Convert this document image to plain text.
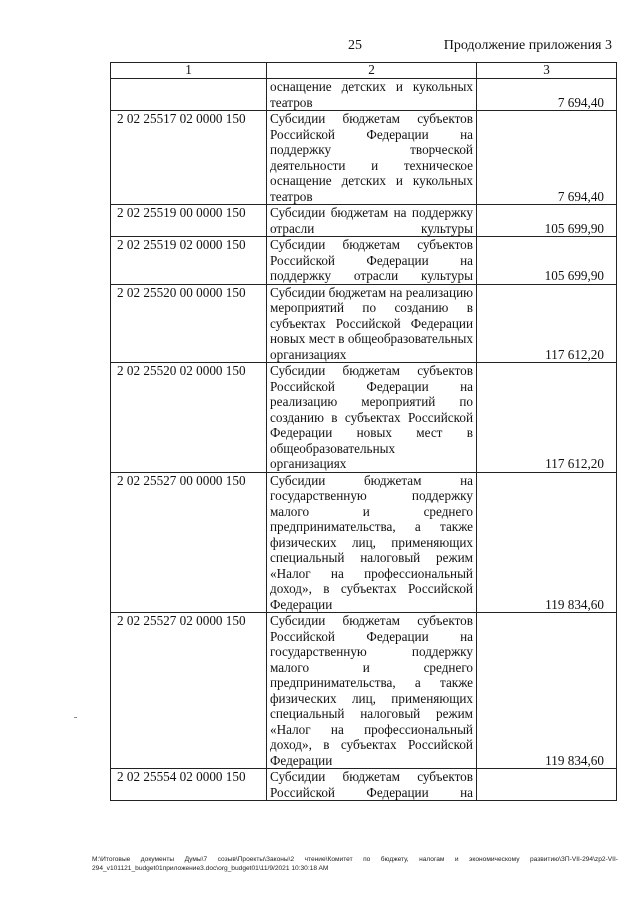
25	Продолжение приложения 3
1	2	3
	оснащение детских и кукольных театров	7 694,40
2 02 25517 02 0000 150	Субсидии бюджетам субъектов Российской Федерации на поддержку творческой деятельности и техническое оснащение детских и кукольных театров	7 694,40
2 02 25519 00 0000 150	Субсидии бюджетам на поддержку отрасли культуры	105 699,90
2 02 25519 02 0000 150	Субсидии бюджетам субъектов Российской Федерации на поддержку отрасли культуры	105 699,90
2 02 25520 00 0000 150	Субсидии бюджетам на реализацию мероприятий по созданию в субъектах Российской Федерации новых мест в общеобразовательных организациях	117 612,20
2 02 25520 02 0000 150	Субсидии бюджетам субъектов Российской Федерации на реализацию мероприятий по созданию в субъектах Российской Федерации новых мест в общеобразовательных организациях	117 612,20
2 02 25527 00 0000 150	Субсидии бюджетам на государственную поддержку малого и среднего предпринимательства, а также физических лиц, применяющих специальный налоговый режим «Налог на профессиональный доход», в субъектах Российской Федерации	119 834,60
2 02 25527 02 0000 150	Субсидии бюджетам субъектов Российской Федерации на государственную поддержку малого и среднего предпринимательства, а также физических лиц, применяющих специальный налоговый режим «Налог на профессиональный доход», в субъектах Российской Федерации	119 834,60
2 02 25554 02 0000 150	Субсидии бюджетам субъектов Российской Федерации на	
M:\Итоговые документы Думы\7 созыв\Проекты\Законы\2 чтение\Комитет по бюджету, налогам и экономическому развитию\ЗП-VII-294\zp2-VII-294_v101121_budget01приложение3.doc\org_budget01\11/9/2021 10:30:18 AM
